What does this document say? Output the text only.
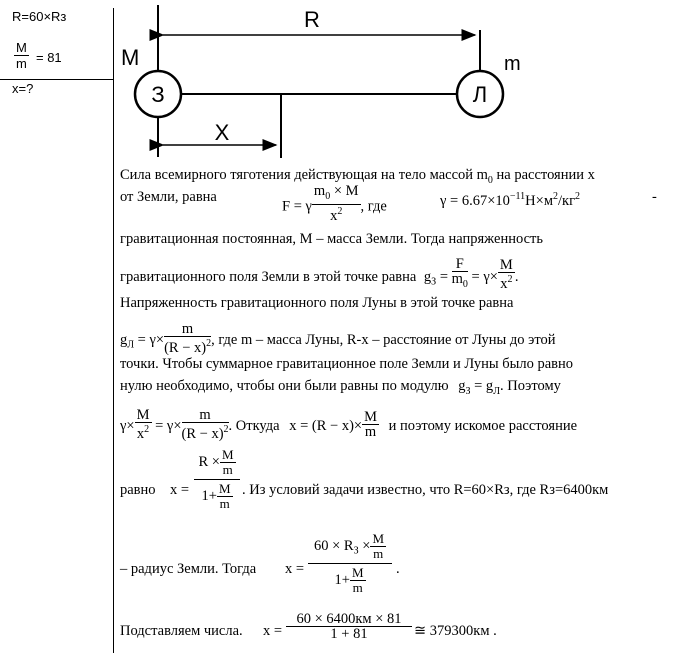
R=60×Rз
$\frac{M}{m} = 81$
x=?
R
M	m
З	Л
X
Сила всемирного тяготения действующая на тело массой $m_0$ на расстоянии х
от Земли, равна
F = γ $\frac{m_0 \times M}{x^2}$ , где	$\gamma = 6.67\times 10^{-11}Н\times м^2/кг^2$	-
гравитационная постоянная, М – масса Земли. Тогда напряженность
гравитационного поля Земли в этой точке равна $g_З = \frac{F}{m_0} = \gamma\times \frac{M}{x^2}$ .
Напряженность гравитационного поля Луны в этой точке равна
$g_Л = \gamma\times \frac{m}{(R - x)^2}$ , где m – масса Луны, R-x – расстояние от Луны до этой
точки. Чтобы суммарное гравитационное поле Земли и Луны было равно
нулю необходимо, чтобы они были равны по модулю $g_З = g_Л$. Поэтому
$\gamma\times \frac{M}{x^2} = \gamma\times \frac{m}{(R - x)^2}$ . Откуда $x = (R - x)\times \frac{M}{m}$ и поэтому искомое расстояние
равно $x = \frac{R \times \frac{M}{m}}{1+ \frac{M}{m}}$ . Из условий задачи известно, что R=60×Rз, где Rз=6400км
– радиус Земли. Тогда x =
$60 \times R_З \times \frac{M}{m}$
$1+ \frac{M}{m}$ .
Подставляем числа. x =
60 × 6400км × 81
1 + 81	≅ 379300км .
